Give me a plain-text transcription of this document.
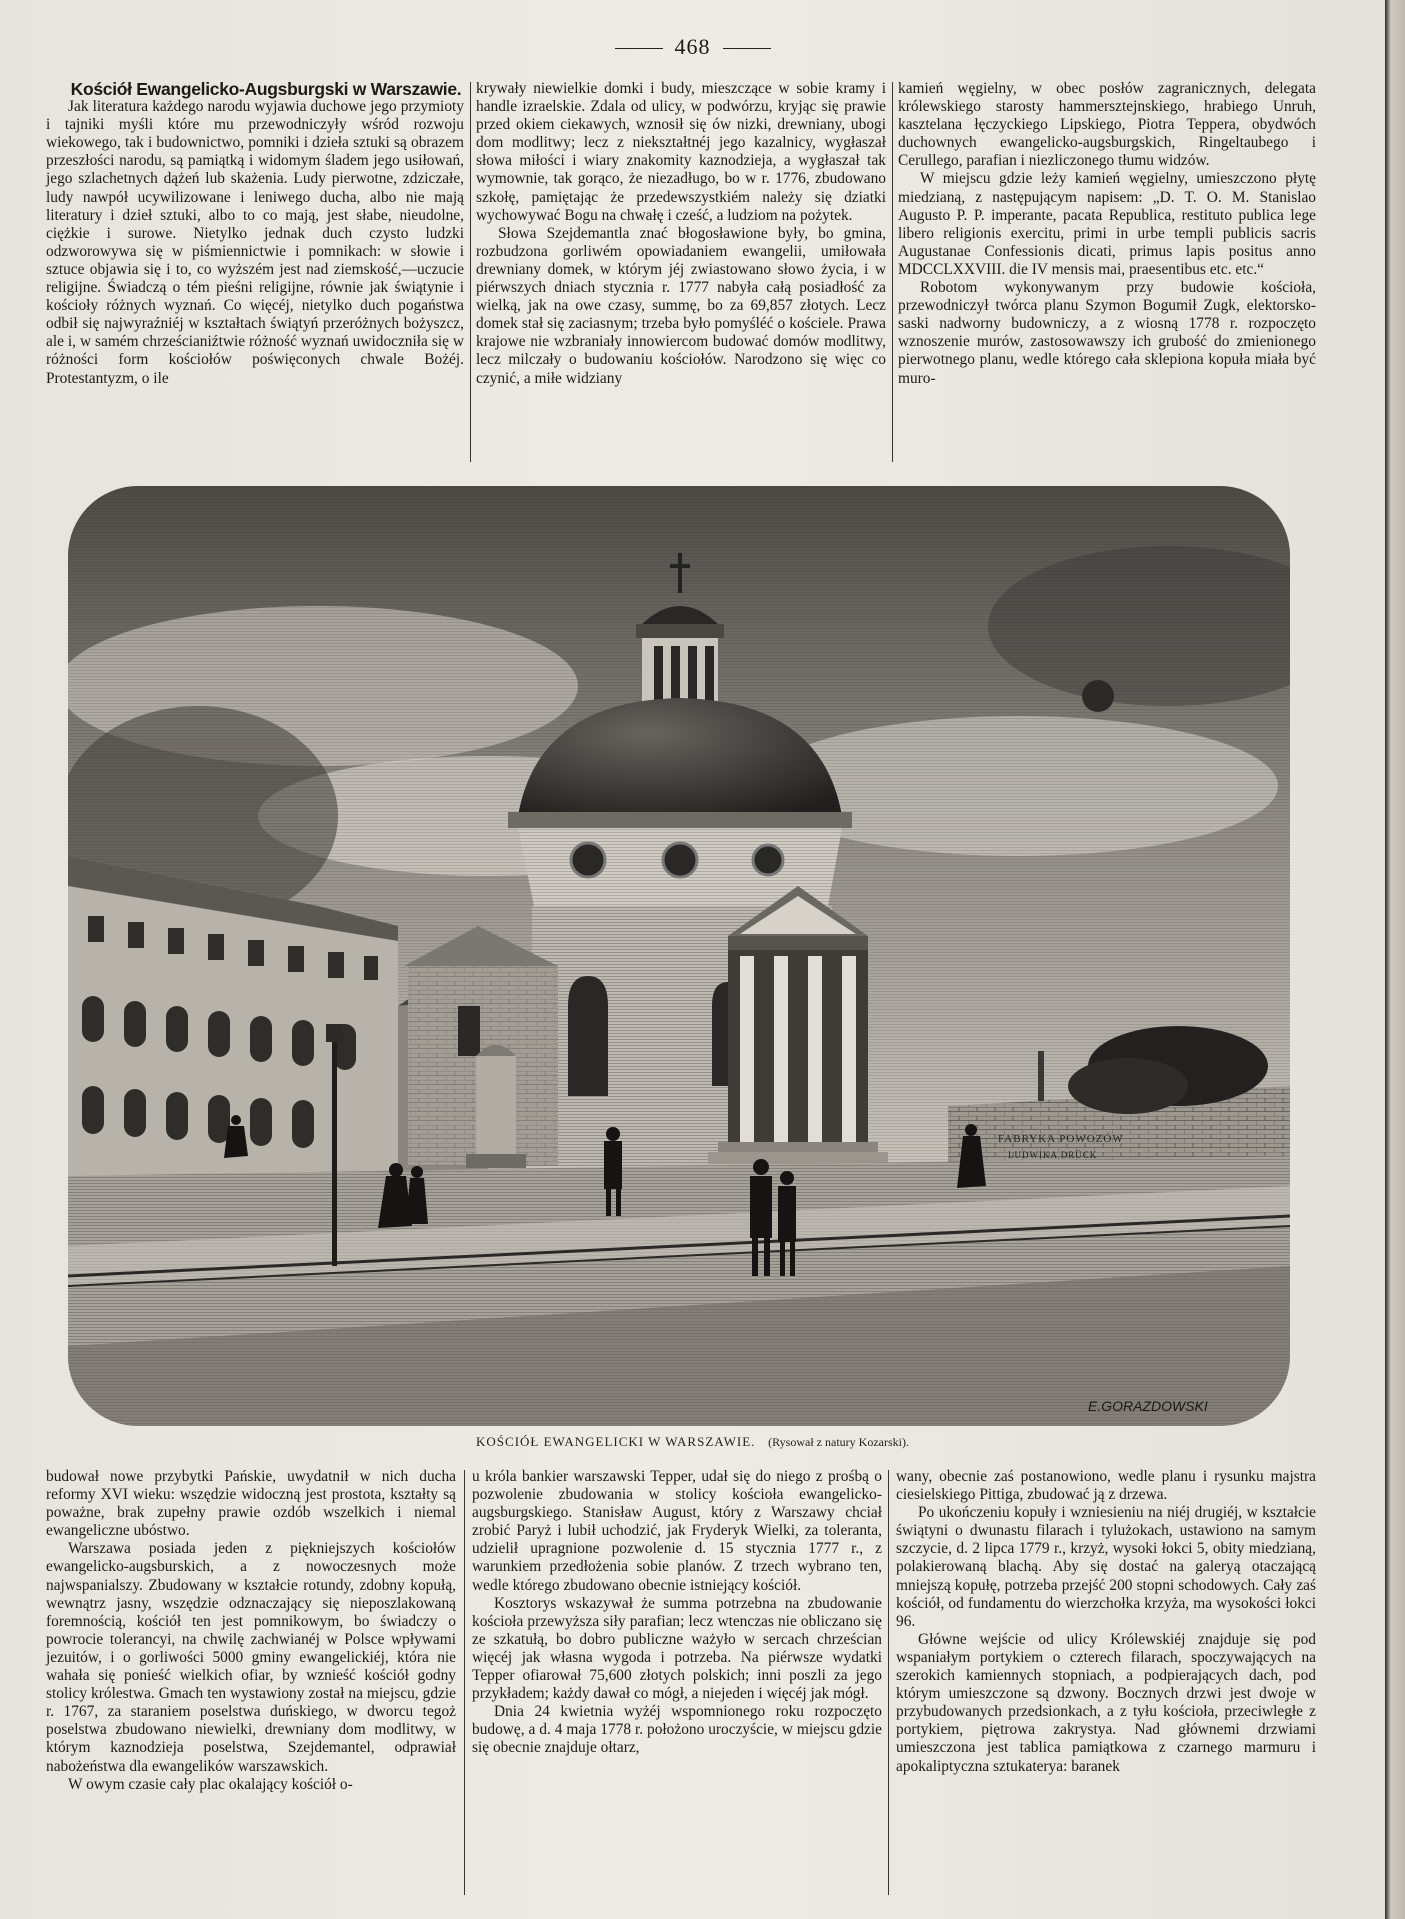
468

Kościół Ewangelicko-Augsburgski w Warszawie.

Jak literatura każdego narodu wyjawia duchowe jego przymioty i tajniki myśli które mu przewodniczyły wśród rozwoju wiekowego, tak i budownictwo, pomniki i dzieła sztuki są obrazem przeszłości narodu, są pamiątką i widomym śladem jego usiłowań, jego szlachetnych dążeń lub skażenia. Ludy pierwotne, zdziczałe, ludy nawpół ucywilizowane i leniwego ducha, albo nie mają literatury i dzieł sztuki, albo to co mają, jest słabe, nieudolne, ciężkie i surowe. Nietylko jednak duch czysto ludzki odzworowywa się w piśmiennictwie i pomnikach: w słowie i sztuce objawia się i to, co wyższém jest nad ziemskość,—uczucie religijne. Świadczą o tém pieśni religijne, równie jak świątynie i kościoły różnych wyznań. Co więcéj, nietylko duch pogaństwa odbił się najwyraźniéj w kształtach świątyń przeróżnych bożyszcz, ale i, w samém chrześcianiźtwie różność wyznań uwidoczniła się w różności form kościołów poświęconych chwale Bożéj. Protestantyzm, o ile

krywały niewielkie domki i budy, mieszczące w sobie kramy i handle izraelskie. Zdala od ulicy, w podwórzu, kryjąc się prawie przed okiem ciekawych, wznosił się ów nizki, drewniany, ubogi dom modlitwy; lecz z niekształtnéj jego kazalnicy, wygłaszał słowa miłości i wiary znakomity kaznodzieja, a wygłaszał tak wymownie, tak gorąco, że niezadługo, bo w r. 1776, zbudowano szkołę, pamiętając że przedewszystkiém należy się dziatki wychowywać Bogu na chwałę i cześć, a ludziom na pożytek.

Słowa Szejdemantla znać błogosławione były, bo gmina, rozbudzona gorliwém opowiadaniem ewangelii, umiłowała drewniany domek, w którym jéj zwiastowano słowo życia, i w piérwszych dniach stycznia r. 1777 nabyła całą posiadłość za wielką, jak na owe czasy, summę, bo za 69,857 złotych. Lecz domek stał się zaciasnym; trzeba było pomyśléć o kościele. Prawa krajowe nie wzbraniały innowiercom budować domów modlitwy, lecz milczały o budowaniu kościołów. Narodzono się więc co czynić, a miłe widziany

kamień węgielny, w obec posłów zagranicznych, delegata królewskiego starosty hammersztejnskiego, hrabiego Unruh, kasztelana łęczyckiego Lipskiego, Piotra Teppera, obydwóch duchownych ewangelicko-augsburgskich, Ringeltaubego i Cerullego, parafian i niezliczonego tłumu widzów.

W miejscu gdzie leży kamień węgielny, umieszczono płytę miedzianą, z następującym napisem: „D. T. O. M. Stanislao Augusto P. P. imperante, pacata Republica, restituto publica lege libero religionis exercitu, primi in urbe templi publicis sacris Augustanae Confessionis dicati, primus lapis positus anno MDCCLXXVIII. die IV mensis mai, praesentibus etc. etc.“

Robotom wykonywanym przy budowie kościoła, przewodniczył twórca planu Szymon Bogumił Zugk, elektorsko-saski nadworny budowniczy, a z wiosną 1778 r. rozpoczęto wznoszenie murów, zastosowawszy ich grubość do zmienionego pierwotnego planu, wedle którego cała sklepiona kopuła miała być muro-

FABRYKA POWOZÓW
LUDWIKA DRÜCK
E.GORAZDOWSKI
KOŚCIÓŁ EWANGELICKI W WARSZAWIE. (Rysował z natury Kozarski).

budował nowe przybytki Pańskie, uwydatnił w nich ducha reformy XVI wieku: wszędzie widoczną jest prostota, kształty są poważne, brak zupełny prawie ozdób wszelkich i niemal ewangeliczne ubóstwo.

Warszawa posiada jeden z piękniejszych kościołów ewangelicko-augsburskich, a z nowoczesnych może najwspanialszy. Zbudowany w kształcie rotundy, zdobny kopułą, wewnątrz jasny, wszędzie odznaczający się nieposzlakowaną foremnością, kościół ten jest pomnikowym, bo świadczy o powrocie tolerancyi, na chwilę zachwianéj w Polsce wpływami jezuitów, i o gorliwości 5000 gminy ewangelickiéj, która nie wahała się ponieść wielkich ofiar, by wznieść kościół godny stolicy królestwa. Gmach ten wystawiony został na miejscu, gdzie r. 1767, za staraniem poselstwa duńskiego, w dworcu tegoż poselstwa zbudowano niewielki, drewniany dom modlitwy, w którym kaznodzieja poselstwa, Szejdemantel, odprawiał nabożeństwa dla ewangelików warszawskich.

W owym czasie cały plac okalający kościół o-

u króla bankier warszawski Tepper, udał się do niego z prośbą o pozwolenie zbudowania w stolicy kościoła ewangelicko-augsburgskiego. Stanisław August, który z Warszawy chciał zrobić Paryż i lubił uchodzić, jak Fryderyk Wielki, za toleranta, udzielił upragnione pozwolenie d. 15 stycznia 1777 r., z warunkiem przedłożenia sobie planów. Z trzech wybrano ten, wedle którego zbudowano obecnie istniejący kościół.

Kosztorys wskazywał że summa potrzebna na zbudowanie kościoła przewyższa siły parafian; lecz wtenczas nie obliczano się ze szkatułą, bo dobro publiczne ważyło w sercach chrześcian więcéj jak własna wygoda i potrzeba. Na piérwsze wydatki Tepper ofiarował 75,600 złotych polskich; inni poszli za jego przykładem; każdy dawał co mógł, a niejeden i więcéj jak mógł.

Dnia 24 kwietnia wyżéj wspomnionego roku rozpoczęto budowę, a d. 4 maja 1778 r. położono uroczyście, w miejscu gdzie się obecnie znajduje ołtarz,

wany, obecnie zaś postanowiono, wedle planu i rysunku majstra ciesielskiego Pittiga, zbudować ją z drzewa.

Po ukończeniu kopuły i wzniesieniu na niéj drugiéj, w kształcie świątyni o dwunastu filarach i tylużokach, ustawiono na samym szczycie, d. 2 lipca 1779 r., krzyż, wysoki łokci 5, obity miedzianą, polakierowaną blachą. Aby się dostać na galeryą otaczającą mniejszą kopułę, potrzeba przejść 200 stopni schodowych. Cały zaś kościół, od fundamentu do wierzchołka krzyża, ma wysokości łokci 96.

Główne wejście od ulicy Królewskiéj znajduje się pod wspaniałym portykiem o czterech filarach, spoczywających na szerokich kamiennych stopniach, a podpierających dach, pod którym umieszczone są dzwony. Bocznych drzwi jest dwoje w przybudowanych przedsionkach, a z tyłu kościoła, przeciwległe z portykiem, piętrowa zakrystya. Nad głównemi drzwiami umieszczona jest tablica pamiątkowa z czarnego marmuru i apokaliptyczna sztukaterya: baranek
